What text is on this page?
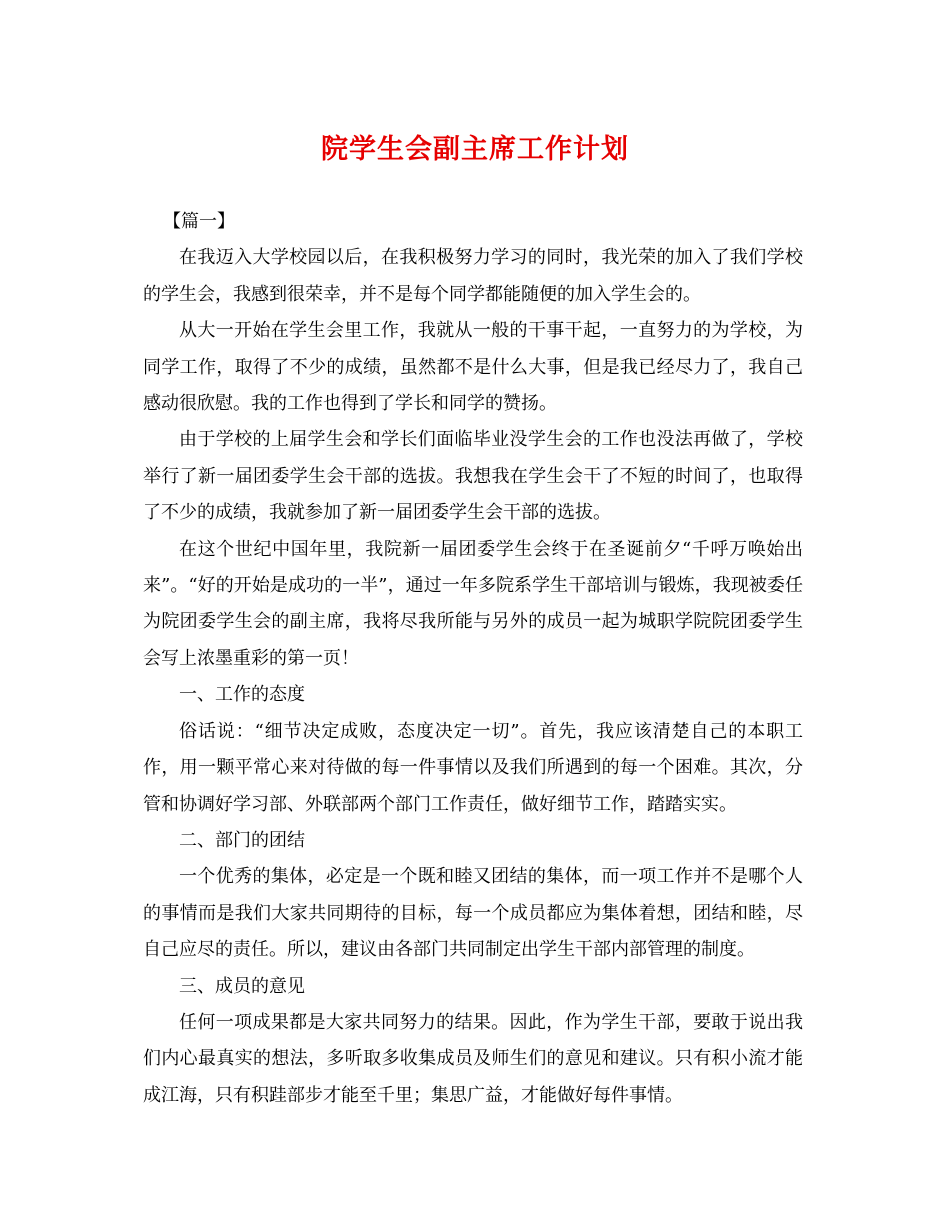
院学生会副主席工作计划

【篇一】

在我迈入大学校园以后，在我积极努力学习的同时，我光荣的加入了我们学校的学生会，我感到很荣幸，并不是每个同学都能随便的加入学生会的。

从大一开始在学生会里工作，我就从一般的干事干起，一直努力的为学校，为同学工作，取得了不少的成绩，虽然都不是什么大事，但是我已经尽力了，我自己感动很欣慰。我的工作也得到了学长和同学的赞扬。

由于学校的上届学生会和学长们面临毕业没学生会的工作也没法再做了，学校举行了新一届团委学生会干部的选拔。我想我在学生会干了不短的时间了，也取得了不少的成绩，我就参加了新一届团委学生会干部的选拔。

在这个世纪中国年里，我院新一届团委学生会终于在圣诞前夕“千呼万唤始出来”。“好的开始是成功的一半”，通过一年多院系学生干部培训与锻炼，我现被委任为院团委学生会的副主席，我将尽我所能与另外的成员一起为城职学院院团委学生会写上浓墨重彩的第一页！

一、工作的态度

俗话说：“细节决定成败，态度决定一切”。首先，我应该清楚自己的本职工作，用一颗平常心来对待做的每一件事情以及我们所遇到的每一个困难。其次，分管和协调好学习部、外联部两个部门工作责任，做好细节工作，踏踏实实。

二、部门的团结

一个优秀的集体，必定是一个既和睦又团结的集体，而一项工作并不是哪个人的事情而是我们大家共同期待的目标，每一个成员都应为集体着想，团结和睦，尽自己应尽的责任。所以，建议由各部门共同制定出学生干部内部管理的制度。

三、成员的意见

任何一项成果都是大家共同努力的结果。因此，作为学生干部，要敢于说出我们内心最真实的想法，多听取多收集成员及师生们的意见和建议。只有积小流才能成江海，只有积跬部步才能至千里；集思广益，才能做好每件事情。
